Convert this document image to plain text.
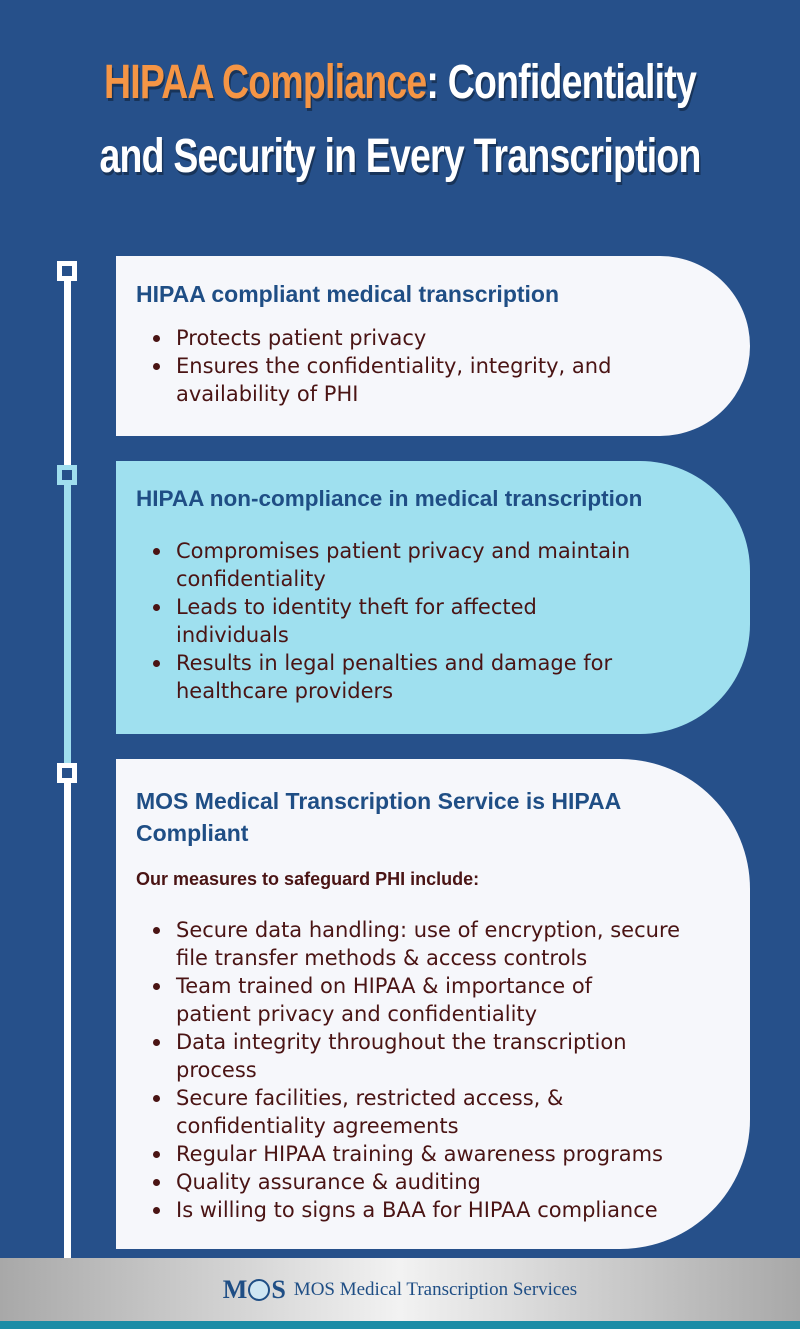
HIPAA Compliance: Confidentiality
and Security in Every Transcription
HIPAA compliant medical transcription
Protects patient privacy
Ensures the confidentiality, integrity, and availability of PHI
HIPAA non-compliance in medical transcription
Compromises patient privacy and maintain confidentiality
Leads to identity theft for affected individuals
Results in legal penalties and damage for healthcare providers
MOS Medical Transcription Service is HIPAA Compliant
Our measures to safeguard PHI include:
Secure data handling: use of encryption, secure file transfer methods & access controls
Team trained on HIPAA & importance of patient privacy and confidentiality
Data integrity throughout the transcription process
Secure facilities, restricted access, & confidentiality agreements
Regular HIPAA training & awareness programs
Quality assurance & auditing
Is willing to signs a BAA for HIPAA compliance
M S MOS Medical Transcription Services
